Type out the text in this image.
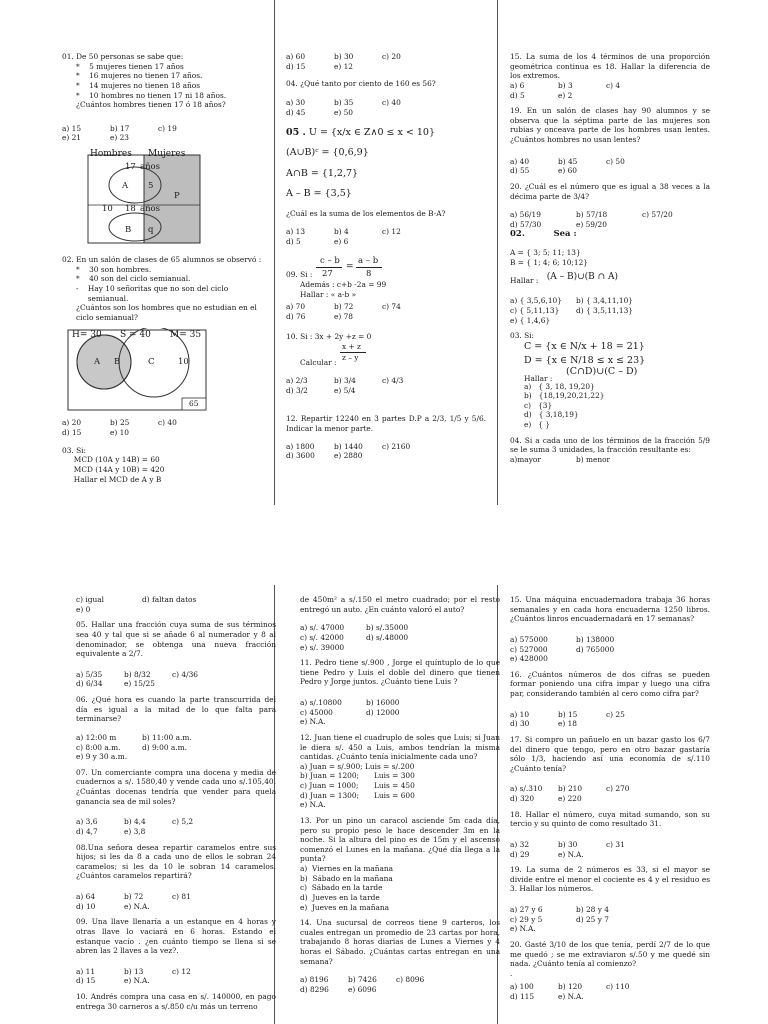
01. De 50 personas se sabe que:
*    5 mujeres tienen 17 años
*    16 mujeres no tienen 17 años.
*    14 mujeres no tienen 18 años
*    10 hombres no tienen 17 ni 18 años.
¿Cuántos hombres tienen 17 ó 18 años?
a) 15	b) 17	c) 19
e) 21	e) 23
Hombres Mujeres
17 años
A 5
P
10 18 años
B q
02. En un salón de clases de 65 alumnos se observó :
*    30 son hombres.
*    40 son del ciclo semianual.
-    Hay 10 señoritas que no son del ciclo
semianual.
¿Cuántos son los hombres que no estudian en el ciclo semianual?
H= 30 S = 40 M= 35
A B	C	10
65
a) 20	b) 25	c) 40
d) 15	e) 10
03. Si:
MCD (10A y 14B) = 60
MCD (14A y 10B) = 420
Hallar el MCD de A y B
a) 60	b) 30	c) 20
d) 15	e) 12
04. ¿Qué tanto por ciento de 160 es 56?
a) 30	b) 35	c) 40
d) 45	e) 50
05 . U = {x/x ∈ Z∧0 ≤ x < 10}
(A∪B)ᶜ = {0,6,9}
A∩B = {1,2,7}
A – B = {3,5}
¿Cuál es la suma de los elementos de B-A?
a) 13	b) 4	c) 12
d) 5	e) 6
09. Si :
c – b
27
=
a – b
8
Además : c+b -2a = 99
Hallar : « a-b »
a) 70	b) 72	c) 74
d) 76	e) 78
10. Si : 3x + 2y +z = 0
x + z
Calcular :
z – y
a) 2/3	b) 3/4	c) 4/3
d) 3/2	e) 5/4
12. Repartir 12240 en 3 partes D.P a 2/3, 1/5 y 5/6. Indicar la menor parte.
a) 1800	b) 1440	c) 2160
d) 3600	e) 2880
15. La suma de los 4 términos de una proporción geométrica continua es 18. Hallar la diferencia de los extremos.
a) 6	b) 3	c) 4
d) 5	e) 2
19. En un salón de clases hay 90 alumnos y se observa que la séptima parte de las mujeres son rubias y onceava parte de los hombres usan lentes. ¿Cuántos hombres no usan lentes?
a) 40	b) 45	c) 50
d) 55	e) 60
20. ¿Cuál es el número que es igual a 38 veces a la décima parte de 3/4?
a) 56/19	b) 57/18	c) 57/20
d) 57/30	e) 59/20
02.	Sea :
A = { 3; 5; 11; 13}
B = { 1; 4; 6; 10;12}
Hallar : (A – B)∪(B ∩ A)
a) { 3,5,6,10}	b) { 3,4,11,10}
c) { 5,11,13}	d) { 3,5,11,13}
e) { 1,4,6}
03. Si:
C = {x ∈ N/x + 18 = 21}
D = {x ∈ N/18 ≤ x ≤ 23}
Hallar :
(C∩D)∪(C – D)
a)   { 3, 18, 19,20}
b)   {18,19,20,21,22}
c)   {3}
d)   { 3,18,19}
e)   { }
04. Si a cada uno de los términos de la fracción 5/9 se le suma 3 unidades, la fracción resultante es:
a)mayor	b) menor
c) igual	d) faltan datos
e) 0
05. Hallar una fracción cuya suma de sus términos sea 40 y tal que si se añade 6 al numerador y 8 al denominador, se obtenga una nueva fracción equivalente a 2/7.
a) 5/35	b) 8/32	c) 4/36
d) 6/34	e) 15/25
06. ¿Qué hora es cuando la parte transcurrida del día es igual a la mitad de lo que falta para terminarse?
a) 12:00 m	b) 11:00 a.m.
c) 8:00 a.m.	d) 9:00 a.m.
e) 9 y 30 a.m.
07. Un comerciante compra una docena y media de cuadernos a s/. 1580,40 y vende cada uno s/.105,40. ¿Cuántas docenas tendría que vender para quela ganancia sea de mil soles?
a) 3,6	b) 4,4	c) 5,2
d) 4,7	e) 3,8
08.Una señora desea repartir caramelos entre sus hijos; si les da 8 a cada uno de ellos le sobran 24 caramelos; si les da 10 le sobran 14 caramelos. ¿Cuántos caramelos repartirá?
a) 64	b) 72	c) 81
d) 10	e) N.A.
09. Una llave llenaría a un estanque en 4 horas y otras llave lo vaciará en 6 horas. Estando el estanque vacío . ¿en cuánto tiempo se llena si se abren las 2 llaves a la vez?.
a) 11	b) 13	c) 12
d) 15	e) N.A.
10. Andrés compra una casa en s/. 140000, en pago entrega 30 carneros a s/.850 c/u más un terreno
de 450m² a s/.150 el metro cuadrado; por el resto entregó un auto. ¿En cuánto valoró el auto?
a) s/. 47000	b) s/.35000
c) s/. 42000	d) s/.48000
e) s/. 39000
11. Pedro tiene s/.900 , Jorge el quíntuplo de lo que tiene Pedro y Luis el doble del dinero que tienen Pedro y Jorge juntos. ¿Cuánto tiene Luis ?
a) s/.10800	b) 16000
c) 45000	d) 12000
e) N.A.
12. Juan tiene el cuadruplo de soles que Luis; si Juan le diera s/. 450 a Luis, ambos tendrían la misma cantidas. ¿Cuánto tenía inicialmente cada uno?
a) Juan = s/.900; Luis = s/.200
b) Juan = 1200;	Luis = 300
c) Juan = 1000;	Luis = 450
d) Juan = 1300;	Luis = 600
e) N.A.
13. Por un pino un caracol asciende 5m cada día, pero su propio peso le hace descender 3m en la noche. Si la altura del pino es de 15m y el ascenso comenzó el Lunes en la mañana. ¿Qué día llega a la punta?
a)  Viernes en la mañana
b)  Sábado en la mañana
c)  Sábado en la tarde
d)  Jueves en la tarde
e)  Jueves en la mañana
14. Una sucursal de correos tiene 9 carteros, los cuales entregan un promedio de 23 cartas por hora, trabajando 8 horas diarias de Lunes a Viernes y 4 horas el Sábado. ¿Cuántas cartas entregan en una semana?
a) 8196	b) 7426	c) 8096
d) 8296	e) 6096
15. Una máquina encuadernadora trabaja 36 horas semanales y en cada hora encuaderna 1250 libros. ¿Cuántos linros encuadernadará en 17 semanas?
a) 575000	b) 138000
c) 527000	d) 765000
e) 428000
16. ¿Cuántos números de dos cifras se pueden formar poniendo una cifra impar y luego una cifra par, considerando también al cero como cifra par?
a) 10	b) 15	c) 25
d) 30	e) 18
17. Si compro un pañuelo en un bazar gasto los 6/7 del dinero que tengo, pero en otro bazar gastaría sólo 1/3, haciendo así una economía de s/.110 ¿Cuánto tenía?
a) s/.310	b) 210	c) 270
d) 320	e) 220
18. Hallar el número, cuya mitad sumando, son su tercio y su quinto de como resultado 31.
a) 32	b) 30	c) 31
d) 29	e) N.A.
19. La suma de 2 números es 33, si el mayor se divide entre el menor el cociente es 4 y el residuo es 3. Hallar los números.
a) 27 y 6	b) 28 y 4
c) 29 y 5	d) 25 y 7
e) N.A.
20. Gasté 3/10 de los que tenía, perdí 2/7 de lo que me quedó ; se me extraviaron s/.50 y me quedé sin nada. ¿Cuánto tenía al comienzo?
.
a) 100	b) 120	c) 110
d) 115	e) N.A.
